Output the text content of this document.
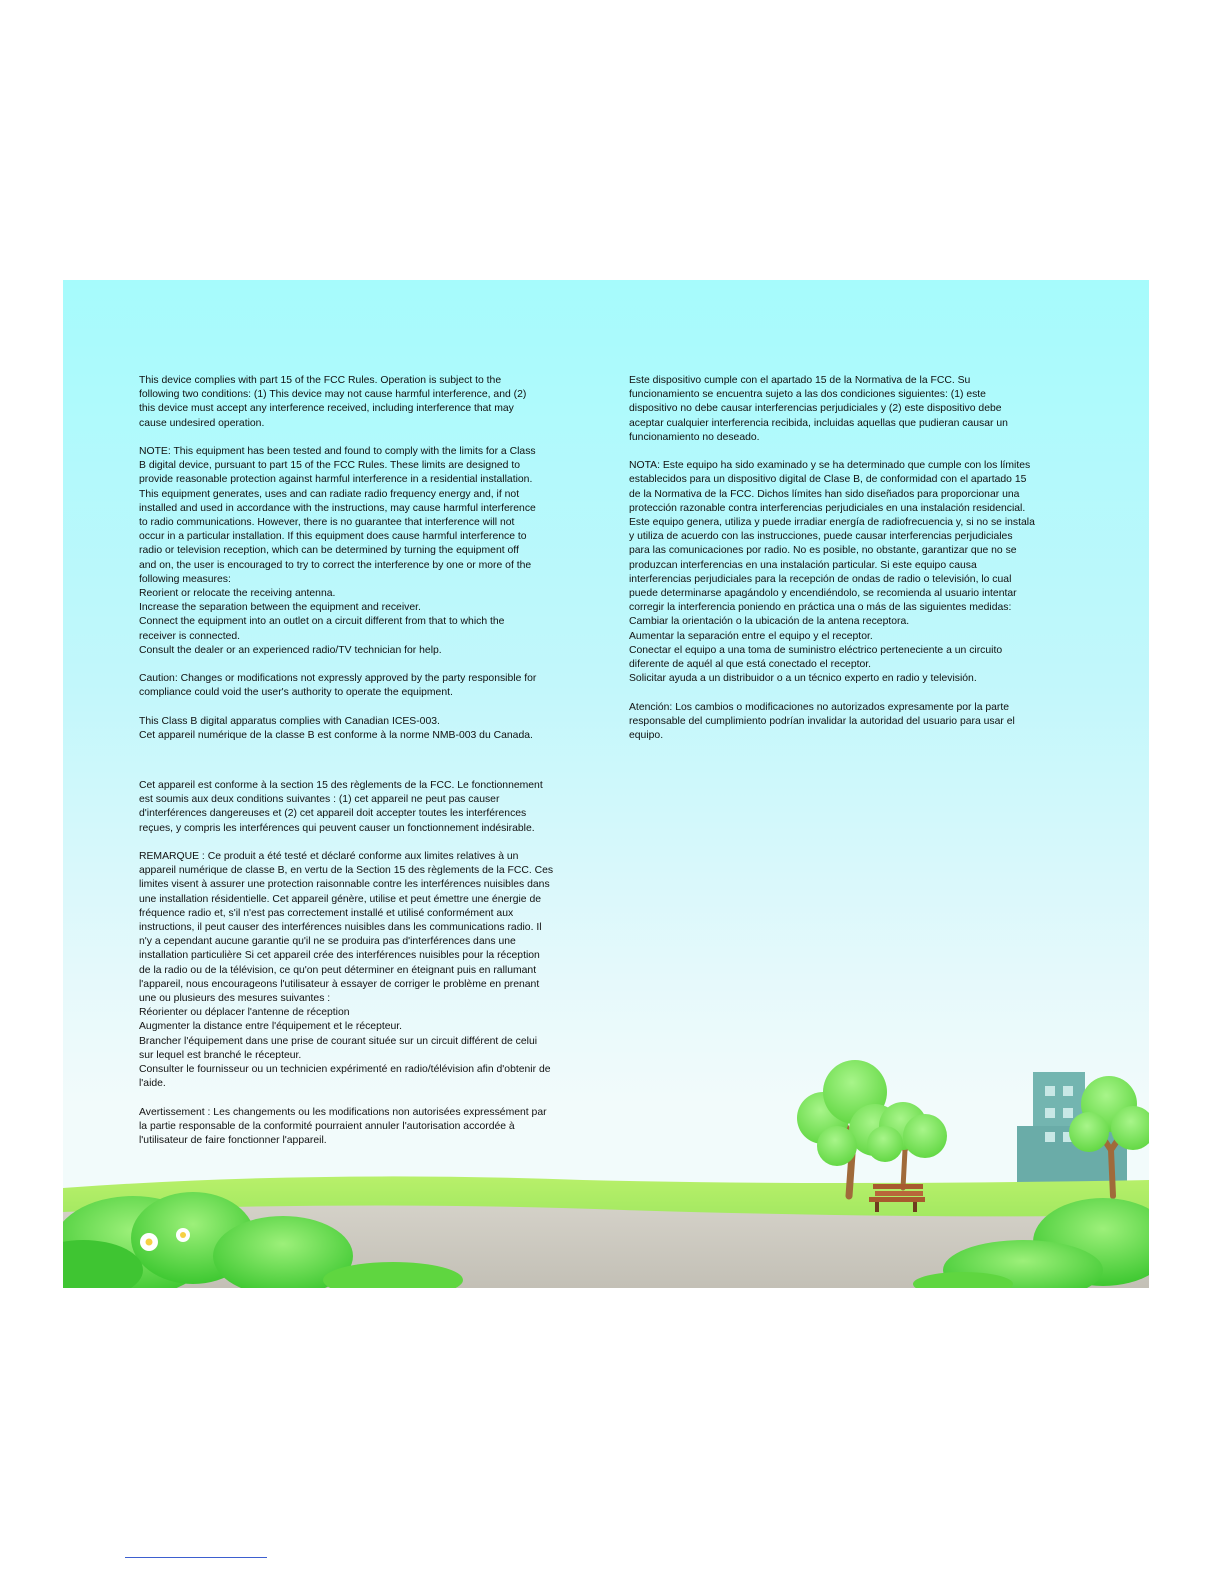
This device complies with part 15 of the FCC Rules. Operation is subject to the
following two conditions: (1) This device may not cause harmful interference, and (2)
this device must accept any interference received, including interference that may
cause undesired operation.

NOTE: This equipment has been tested and found to comply with the limits for a Class
B digital device, pursuant to part 15 of the FCC Rules. These limits are designed to
provide reasonable protection against harmful interference in a residential installation.
This equipment generates, uses and can radiate radio frequency energy and, if not
installed and used in accordance with the instructions, may cause harmful interference
to radio communications. However, there is no guarantee that interference will not
occur in a particular installation. If this equipment does cause harmful interference to
radio or television reception, which can be determined by turning the equipment off
and on, the user is encouraged to try to correct the interference by one or more of the
following measures:
Reorient or relocate the receiving antenna.
Increase the separation between the equipment and receiver.
Connect the equipment into an outlet on a circuit different from that to which the
receiver is connected.
Consult the dealer or an experienced radio/TV technician for help.

Caution: Changes or modifications not expressly approved by the party responsible for
compliance could void the user's authority to operate the equipment.

This Class B digital apparatus complies with Canadian ICES-003.
Cet appareil numérique de la classe B est conforme à la norme NMB-003 du Canada.

Cet appareil est conforme à la section 15 des règlements de la FCC. Le fonctionnement
est soumis aux deux conditions suivantes : (1) cet appareil ne peut pas causer
d'interférences dangereuses et (2) cet appareil doit accepter toutes les interférences
reçues, y compris les interférences qui peuvent causer un fonctionnement indésirable.

REMARQUE : Ce produit a été testé et déclaré conforme aux limites relatives à un
appareil numérique de classe B, en vertu de la Section 15 des règlements de la FCC. Ces
limites visent à assurer une protection raisonnable contre les interférences nuisibles dans
une installation résidentielle. Cet appareil génère, utilise et peut émettre une énergie de
fréquence radio et, s'il n'est pas correctement installé et utilisé conformément aux
instructions, il peut causer des interférences nuisibles dans les communications radio. Il
n'y a cependant aucune garantie qu'il ne se produira pas d'interférences dans une
installation particulière Si cet appareil crée des interférences nuisibles pour la réception
de la radio ou de la télévision, ce qu'on peut déterminer en éteignant puis en rallumant
l'appareil, nous encourageons l'utilisateur à essayer de corriger le problème en prenant
une ou plusieurs des mesures suivantes :
Réorienter ou déplacer l'antenne de réception
Augmenter la distance entre l'équipement et le récepteur.
Brancher l'équipement dans une prise de courant située sur un circuit différent de celui
sur lequel est branché le récepteur.
Consulter le fournisseur ou un technicien expérimenté en radio/télévision afin d'obtenir de
l'aide.

Avertissement : Les changements ou les modifications non autorisées expressément par
la partie responsable de la conformité pourraient annuler l'autorisation accordée à
l'utilisateur de faire fonctionner l'appareil.

Este dispositivo cumple con el apartado 15 de la Normativa de la FCC. Su
funcionamiento se encuentra sujeto a las dos condiciones siguientes: (1) este
dispositivo no debe causar interferencias perjudiciales y (2) este dispositivo debe
aceptar cualquier interferencia recibida, incluidas aquellas que pudieran causar un
funcionamiento no deseado.

NOTA: Este equipo ha sido examinado y se ha determinado que cumple con los límites
establecidos para un dispositivo digital de Clase B, de conformidad con el apartado 15
de la Normativa de la FCC. Dichos límites han sido diseñados para proporcionar una
protección razonable contra interferencias perjudiciales en una instalación residencial.
Este equipo genera, utiliza y puede irradiar energía de radiofrecuencia y, si no se instala
y utiliza de acuerdo con las instrucciones, puede causar interferencias perjudiciales
para las comunicaciones por radio. No es posible, no obstante, garantizar que no se
produzcan interferencias en una instalación particular. Si este equipo causa
interferencias perjudiciales para la recepción de ondas de radio o televisión, lo cual
puede determinarse apagándolo y encendiéndolo, se recomienda al usuario intentar
corregir la interferencia poniendo en práctica una o más de las siguientes medidas:
Cambiar la orientación o la ubicación de la antena receptora.
Aumentar la separación entre el equipo y el receptor.
Conectar el equipo a una toma de suministro eléctrico perteneciente a un circuito
diferente de aquél al que está conectado el receptor.
Solicitar ayuda a un distribuidor o a un técnico experto en radio y televisión.

Atención: Los cambios o modificaciones no autorizados expresamente por la parte
responsable del cumplimiento podrían invalidar la autoridad del usuario para usar el
equipo.
